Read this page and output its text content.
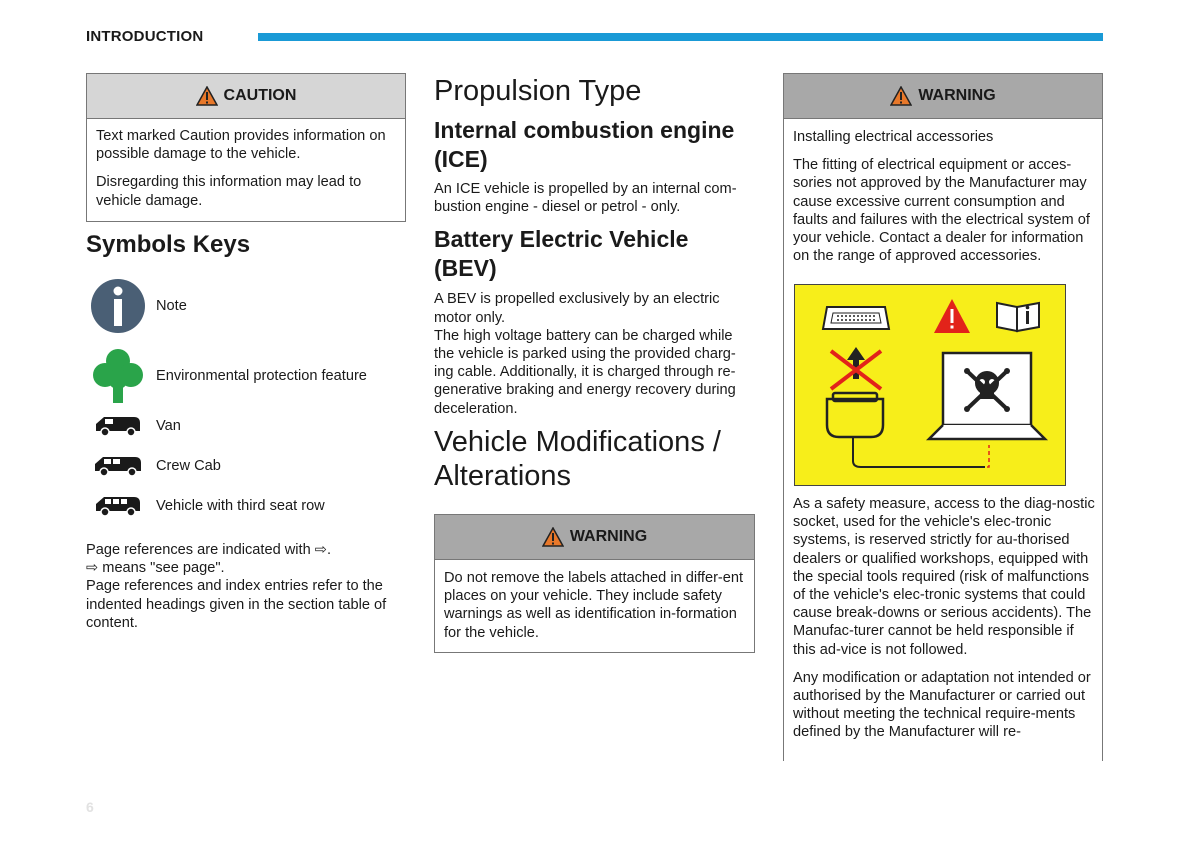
INTRODUCTION
CAUTION

Text marked Caution provides information on possible damage to the vehicle.

Disregarding this information may lead to vehicle damage.

Symbols Keys
Note
Environmental protection feature
Van
Crew Cab
Vehicle with third seat row

Page references are indicated with ⇨.

⇨ means "see page".

Page references and index entries refer to the indented headings given in the section table of content.

Propulsion Type
Internal combustion engine (ICE)

An ICE vehicle is propelled by an internal com-bustion engine - diesel or petrol - only.

Battery Electric Vehicle (BEV)

A BEV is propelled exclusively by an electric motor only.

The high voltage battery can be charged while the vehicle is parked using the provided charg-ing cable. Additionally, it is charged through re-generative braking and energy recovery during deceleration.

Vehicle Modifications / Alterations
WARNING

Do not remove the labels attached in differ-ent places on your vehicle. They include safety warnings as well as identification in-formation for the vehicle.

WARNING

Installing electrical accessories

The fitting of electrical equipment or acces-sories not approved by the Manufacturer may cause excessive current consumption and faults and failures with the electrical system of your vehicle. Contact a dealer for information on the range of approved accessories.

As a safety measure, access to the diag-nostic socket, used for the vehicle's elec-tronic systems, is reserved strictly for au-thorised dealers or qualified workshops, equipped with the special tools required (risk of malfunctions of the vehicle's elec-tronic systems that could cause break-downs or serious accidents). The Manufac-turer cannot be held responsible if this ad-vice is not followed.

Any modification or adaptation not intended or authorised by the Manufacturer or carried out without meeting the technical require-ments defined by the Manufacturer will re-

6
